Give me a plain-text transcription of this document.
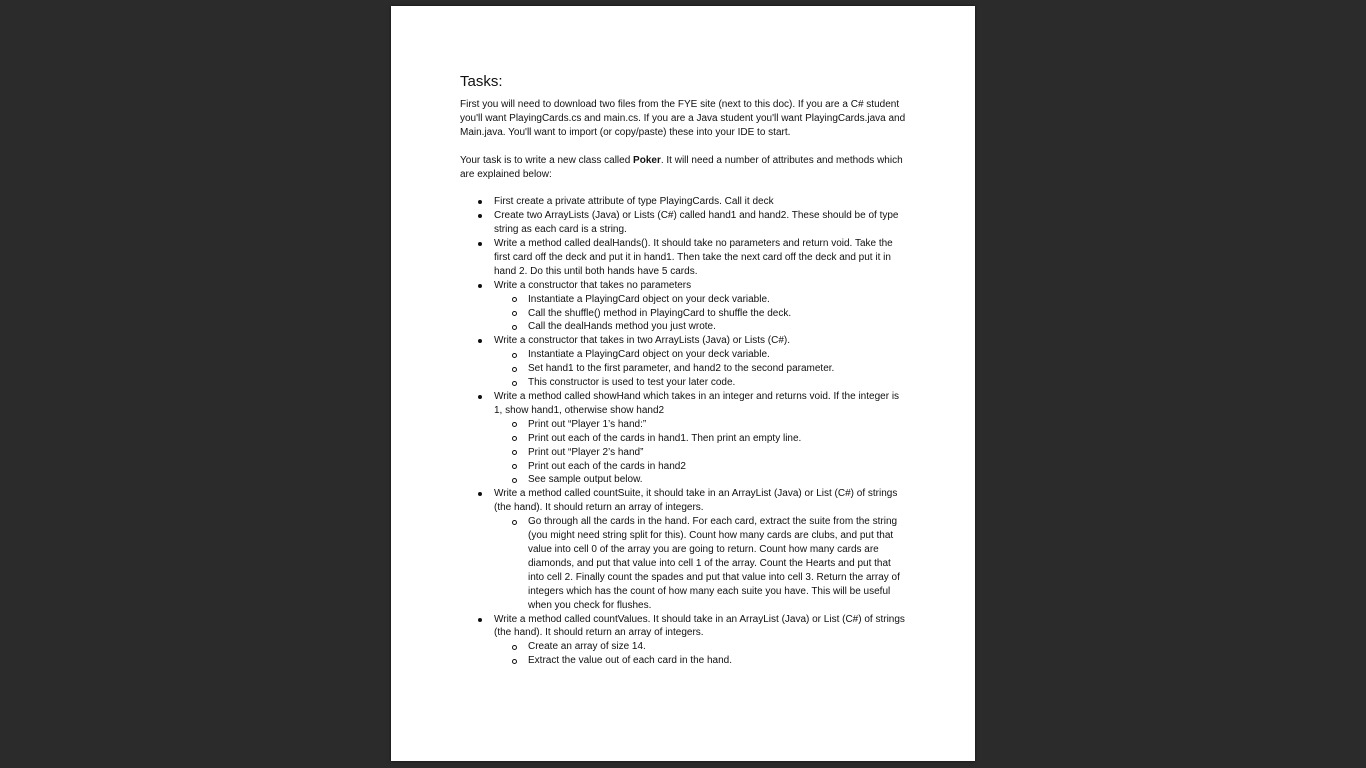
Tasks:

First you will need to download two files from the FYE site (next to this doc). If you are a C# student you'll want PlayingCards.cs and main.cs. If you are a Java student you'll want PlayingCards.java and Main.java. You'll want to import (or copy/paste) these into your IDE to start.

Your task is to write a new class called Poker. It will need a number of attributes and methods which are explained below:

First create a private attribute of type PlayingCards. Call it deck
Create two ArrayLists (Java) or Lists (C#) called hand1 and hand2. These should be of type string as each card is a string.
Write a method called dealHands(). It should take no parameters and return void. Take the first card off the deck and put it in hand1. Then take the next card off the deck and put it in hand 2. Do this until both hands have 5 cards.
Write a constructor that takes no parameters
Instantiate a PlayingCard object on your deck variable.
Call the shuffle() method in PlayingCard to shuffle the deck.
Call the dealHands method you just wrote.
Write a constructor that takes in two ArrayLists (Java) or Lists (C#).
Instantiate a PlayingCard object on your deck variable.
Set hand1 to the first parameter, and hand2 to the second parameter.
This constructor is used to test your later code.
Write a method called showHand which takes in an integer and returns void. If the integer is 1, show hand1, otherwise show hand2
Print out “Player 1’s hand:”
Print out each of the cards in hand1. Then print an empty line.
Print out “Player 2’s hand”
Print out each of the cards in hand2
See sample output below.
Write a method called countSuite, it should take in an ArrayList (Java) or List (C#) of strings (the hand). It should return an array of integers.
Go through all the cards in the hand. For each card, extract the suite from the string (you might need string split for this). Count how many cards are clubs, and put that value into cell 0 of the array you are going to return. Count how many cards are diamonds, and put that value into cell 1 of the array. Count the Hearts and put that into cell 2. Finally count the spades and put that value into cell 3. Return the array of integers which has the count of how many each suite you have. This will be useful when you check for flushes.
Write a method called countValues. It should take in an ArrayList (Java) or List (C#) of strings (the hand). It should return an array of integers.
Create an array of size 14.
Extract the value out of each card in the hand.
